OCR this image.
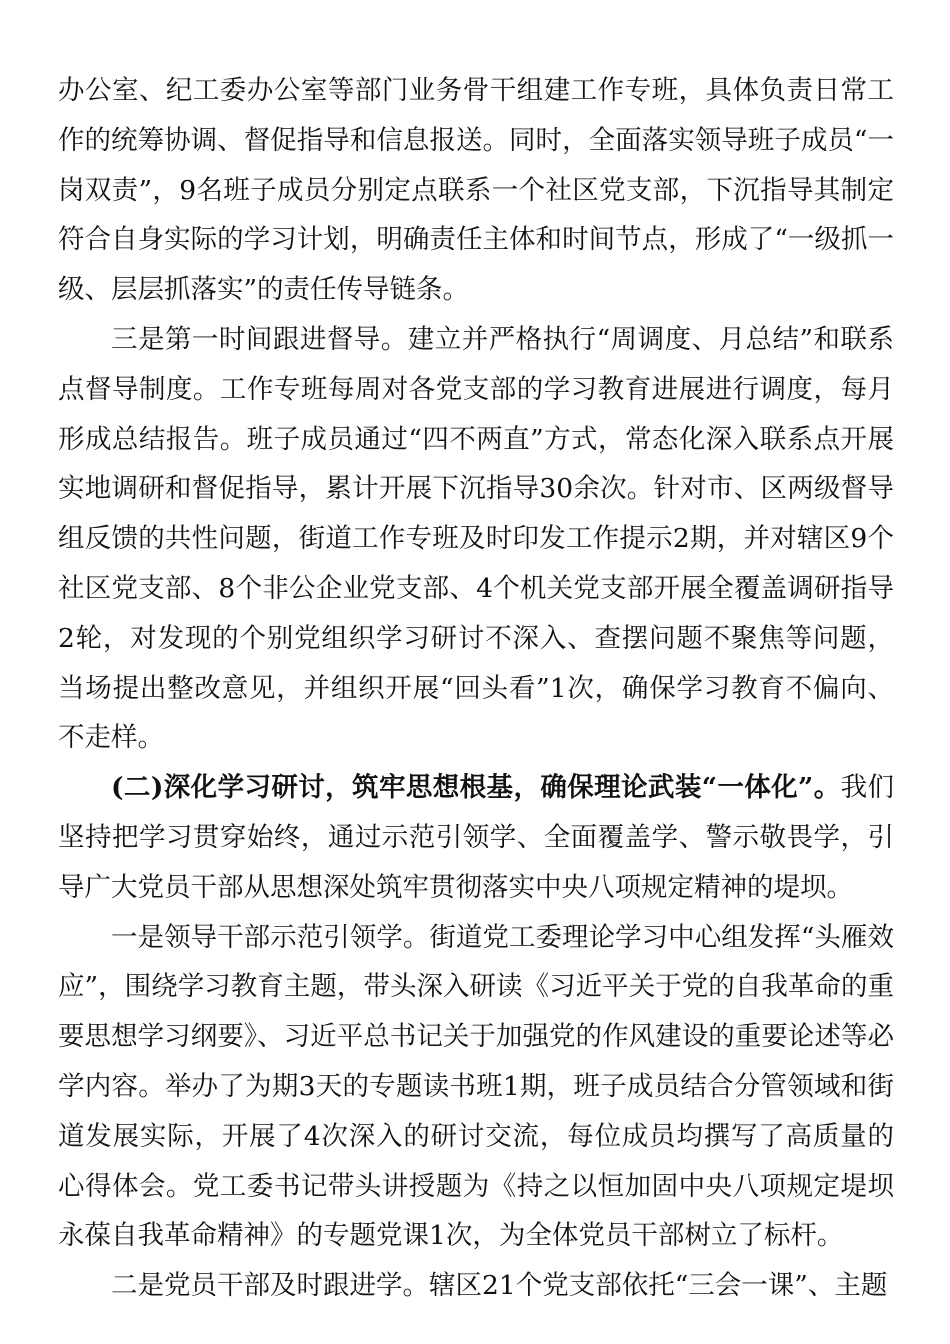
办公室、纪工委办公室等部门业务骨干组建工作专班，具体负责日常工作的统筹协调、督促指导和信息报送。同时，全面落实领导班子成员“一岗双责”，9名班子成员分别定点联系一个社区党支部，下沉指导其制定符合自身实际的学习计划，明确责任主体和时间节点，形成了“一级抓一级、层层抓落实”的责任传导链条。

三是第一时间跟进督导。建立并严格执行“周调度、月总结”和联系点督导制度。工作专班每周对各党支部的学习教育进展进行调度，每月形成总结报告。班子成员通过“四不两直”方式，常态化深入联系点开展实地调研和督促指导，累计开展下沉指导30余次。针对市、区两级督导组反馈的共性问题，街道工作专班及时印发工作提示2期，并对辖区9个社区党支部、8个非公企业党支部、4个机关党支部开展全覆盖调研指导2轮，对发现的个别党组织学习研讨不深入、查摆问题不聚焦等问题，当场提出整改意见，并组织开展“回头看”1次，确保学习教育不偏向、不走样。

(二)深化学习研讨，筑牢思想根基，确保理论武装“一体化”。我们坚持把学习贯穿始终，通过示范引领学、全面覆盖学、警示敬畏学，引导广大党员干部从思想深处筑牢贯彻落实中央八项规定精神的堤坝。

一是领导干部示范引领学。街道党工委理论学习中心组发挥“头雁效应”，围绕学习教育主题，带头深入研读《习近平关于党的自我革命的重要思想学习纲要》、习近平总书记关于加强党的作风建设的重要论述等必学内容。举办了为期3天的专题读书班1期，班子成员结合分管领域和街道发展实际，开展了4次深入的研讨交流，每位成员均撰写了高质量的心得体会。党工委书记带头讲授题为《持之以恒加固中央八项规定堤坝永葆自我革命精神》的专题党课1次，为全体党员干部树立了标杆。

二是党员干部及时跟进学。辖区21个党支部依托“三会一课”、主题
